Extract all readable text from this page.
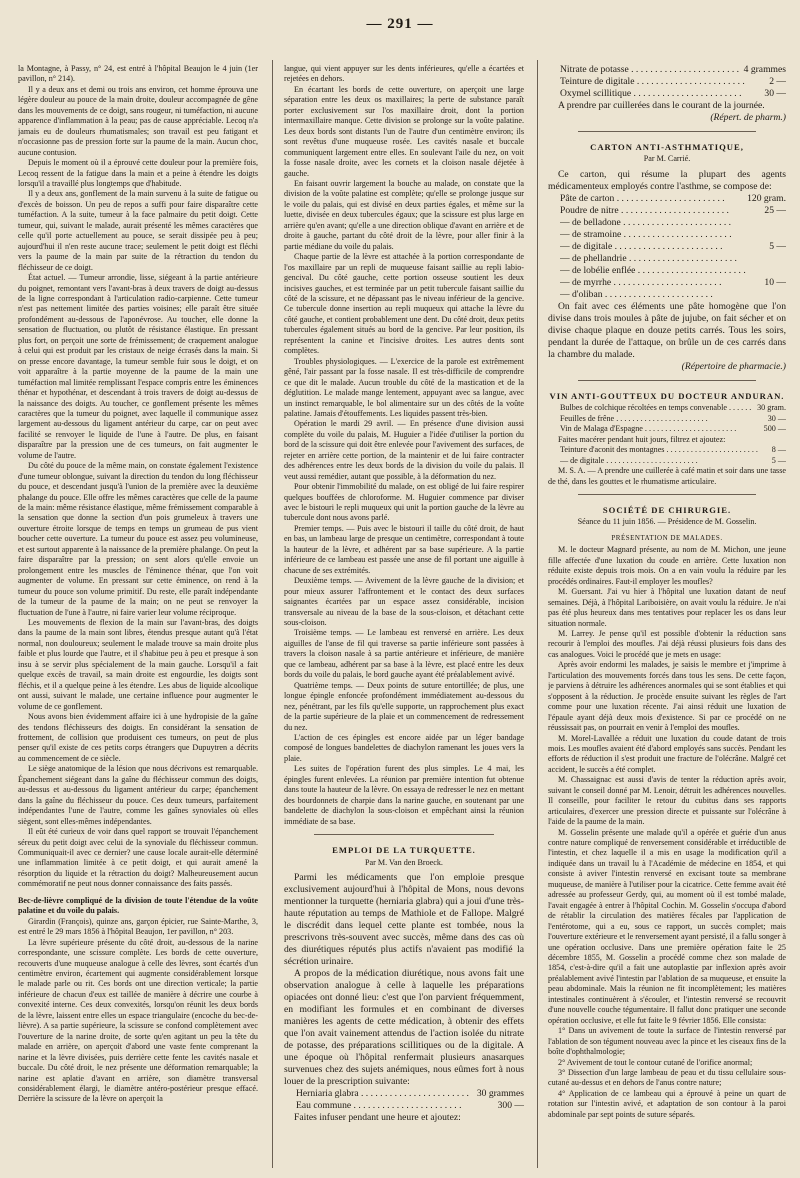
— 291 —

la Montagne, à Passy, n° 24, est entré à l'hôpital Beaujon le 4 juin (1er pavillon, n° 214).

Il y a deux ans et demi ou trois ans environ, cet homme éprouva une légère douleur au pouce de la main droite, douleur accompagnée de gêne dans les mouvements de ce doigt, sans rougeur, ni tuméfaction, ni aucune apparence d'inflammation à la peau; pas de cause appréciable. Lecoq n'a jamais eu de douleurs rhumatismales; son travail est peu fatigant et n'occasionne pas de pression forte sur la paume de la main. Aucun choc, aucune contusion.

Depuis le moment où il a éprouvé cette douleur pour la première fois, Lecoq ressent de la fatigue dans la main et a peine à étendre les doigts lorsqu'il a travaillé plus longtemps que d'habitude.

Il y a deux ans, gonflement de la main survenu à la suite de fatigue ou d'excès de boisson. Un peu de repos a suffi pour faire disparaître cette tuméfaction. A la suite, tumeur à la face palmaire du petit doigt. Cette tumeur, qui, suivant le malade, aurait présenté les mêmes caractères que celle qu'il porte actuellement au pouce, se serait dissipée peu à peu; aujourd'hui il n'en reste aucune trace; seulement le petit doigt est fléchi vers la paume de la main par suite de la rétraction du tendon du fléchisseur de ce doigt.

État actuel. — Tumeur arrondie, lisse, siégeant à la partie antérieure du poignet, remontant vers l'avant-bras à deux travers de doigt au-dessus de la ligne correspondant à l'articulation radio-carpienne. Cette tumeur n'est pas nettement limitée des parties voisines; elle paraît être située profondément au-dessous de l'aponévrose. Au toucher, elle donne la sensation de fluctuation, ou plutôt de résistance élastique. En pressant plus fort, on perçoit une sorte de frémissement; de craquement analogue à celui qui est produit par les cristaux de neige écrasés dans la main. Si on presse encore davantage, la tumeur semble fuir sous le doigt, et on voit apparaître à la partie moyenne de la paume de la main une tuméfaction mal limitée remplissant l'espace compris entre les éminences thénar et hypothénar, et descendant à trois travers de doigt au-dessus de la naissance des doigts. Au toucher, ce gonflement présente les mêmes caractères que la tumeur du poignet, avec laquelle il communique assez largement au-dessous du ligament antérieur du carpe, car on peut avec facilité se renvoyer le liquide de l'une à l'autre. De plus, en faisant disparaître par la pression une de ces tumeurs, on fait augmenter le volume de l'autre.

Du côté du pouce de la même main, on constate également l'existence d'une tumeur oblongue, suivant la direction du tendon du long fléchisseur du pouce, et descendant jusqu'à l'union de la première avec la deuxième phalange du pouce. Elle offre les mêmes caractères que celle de la paume de la main: même résistance élastique, même frémissement comparable à la sensation que donne la section d'un pois grumeleux à travers une ouverture étroite lorsque de temps en temps un grumeau de pus vient boucher cette ouverture. La tumeur du pouce est assez peu volumineuse, et est surtout apparente à la naissance de la première phalange. On peut la faire disparaître par la pression; on sent alors qu'elle envoie un prolongement entre les muscles de l'éminence thénar, que l'on voit augmenter de volume. En pressant sur cette éminence, on rend à la tumeur du pouce son volume primitif. Du reste, elle paraît indépendante de la tumeur de la paume de la main; on ne peut se renvoyer la fluctuation de l'une à l'autre, ni faire varier leur volume réciproque.

Les mouvements de flexion de la main sur l'avant-bras, des doigts dans la paume de la main sont libres, étendus presque autant qu'à l'état normal, non douloureux; seulement le malade trouve sa main droite plus faible et plus lourde que l'autre, et il s'habitue peu à peu et presque à son insu à se servir plus spécialement de la main gauche. Lorsqu'il a fait quelque excès de travail, sa main droite est engourdie, les doigts sont fléchis, et il a quelque peine à les étendre. Les abus de liquide alcoolique ont aussi, suivant le malade, une certaine influence pour augmenter le volume de ce gonflement.

Nous avons bien évidemment affaire ici à une hydropisie de la gaîne des tendons fléchisseurs des doigts. En considérant la sensation de frottement, de collision que produisent ces tumeurs, on peut de plus penser qu'il existe de ces petits corps étrangers que Dupuytren a décrits au commencement de ce siècle.

Le siège anatomique de la lésion que nous décrivons est remarquable. Épanchement siégeant dans la gaîne du fléchisseur commun des doigts, au-dessus et au-dessous du ligament antérieur du carpe; épanchement dans la gaîne du fléchisseur du pouce. Ces deux tumeurs, parfaitement indépendantes l'une de l'autre, comme les gaînes synoviales où elles siègent, sont elles-mêmes indépendantes.

Il eût été curieux de voir dans quel rapport se trouvait l'épanchement séreux du petit doigt avec celui de la synoviale du fléchisseur commun. Communiquait-il avec ce dernier? une cause locale aurait-elle déterminé une inflammation limitée à ce petit doigt, et qui aurait amené la résorption du liquide et la rétraction du doigt? Malheureusement aucun commémoratif ne peut nous donner connaissance des faits passés.

Bec-de-lièvre compliqué de la division de toute l'étendue de la voûte palatine et du voile du palais.

Girardin (François), quinze ans, garçon épicier, rue Sainte-Marthe, 3, est entré le 29 mars 1856 à l'hôpital Beaujon, 1er pavillon, n° 203.

La lèvre supérieure présente du côté droit, au-dessous de la narine correspondante, une scissure complète. Les bords de cette ouverture, recouverts d'une muqueuse analogue à celle des lèvres, sont écartés d'un centimètre environ, écartement qui augmente considérablement lorsque le malade parle ou rit. Ces bords ont une direction verticale; la partie inférieure de chacun d'eux est taillée de manière à décrire une courbe à convexité interne. Ces deux convexités, lorsqu'on réunit les deux bords de la lèvre, laissent entre elles un espace triangulaire (encoche du bec-de-lièvre). A sa partie supérieure, la scissure se confond complètement avec l'ouverture de la narine droite, de sorte qu'en agitant un peu la tête du malade en arrière, on aperçoit d'abord une vaste fente comprenant la narine et la lèvre divisées, puis derrière cette fente les cavités nasale et buccale. Du côté droit, le nez présente une déformation remarquable; la narine est aplatie d'avant en arrière, son diamètre transversal considérablement élargi, le diamètre antéro-postérieur presque effacé. Derrière la scissure de la lèvre on aperçoit la

langue, qui vient appuyer sur les dents inférieures, qu'elle a écartées et rejetées en dehors.

En écartant les bords de cette ouverture, on aperçoit une large séparation entre les deux os maxillaires; la perte de substance paraît porter exclusivement sur l'os maxillaire droit, dont la portion intermaxillaire manque. Cette division se prolonge sur la voûte palatine. Les deux bords sont distants l'un de l'autre d'un centimètre environ; ils sont revêtus d'une muqueuse rosée. Les cavités nasale et buccale communiquent largement entre elles. En soulevant l'aile du nez, on voit la fosse nasale droite, avec les cornets et la cloison nasale déjetée à gauche.

En faisant ouvrir largement la bouche au malade, on constate que la division de la voûte palatine est complète; qu'elle se prolonge jusque sur le voile du palais, qui est divisé en deux parties égales, et même sur la luette, divisée en deux tubercules égaux; que la scissure est plus large en arrière qu'en avant; qu'elle a une direction oblique d'avant en arrière et de droite à gauche, partant du côté droit de la lèvre, pour aller finir à la partie médiane du voile du palais.

Chaque partie de la lèvre est attachée à la portion correspondante de l'os maxillaire par un repli de muqueuse faisant saillie au repli labio-gencival. Du côté gauche, cette portion osseuse soutient les deux incisives gauches, et est terminée par un petit tubercule faisant saillie du côté de la scissure, et ne dépassant pas le niveau inférieur de la gencive. Ce tubercule donne insertion au repli muqueux qui attache la lèvre du côté gauche, et contient probablement une dent. Du côté droit, deux petits tubercules également situés au bord de la gencive. Par leur position, ils représentent la canine et l'incisive droites. Les autres dents sont complètes.

Troubles physiologiques. — L'exercice de la parole est extrêmement gêné, l'air passant par la fosse nasale. Il est très-difficile de comprendre ce que dit le malade. Aucun trouble du côté de la mastication et de la déglutition. Le malade mange lentement, appuyant avec sa langue, avec un instinct remarquable, le bol alimentaire sur un des côtés de la voûte palatine. Jamais d'étouffements. Les liquides passent très-bien.

Opération le mardi 29 avril. — En présence d'une division aussi complète du voile du palais, M. Huguier a l'idée d'utiliser la portion du bord de la scissure qui doit être enlevée pour l'avivement des surfaces, de rejeter en arrière cette portion, de la maintenir et de lui faire contracter des adhérences entre les deux bords de la division du voile du palais. Il veut aussi remédier, autant que possible, à la déformation du nez.

Pour obtenir l'immobilité du malade, on est obligé de lui faire respirer quelques bouffées de chloroforme. M. Huguier commence par diviser avec le bistouri le repli muqueux qui unit la portion gauche de la lèvre au tubercule dont nous avons parlé.

Premier temps. — Puis avec le bistouri il taille du côté droit, de haut en bas, un lambeau large de presque un centimètre, correspondant à toute la hauteur de la lèvre, et adhérent par sa base supérieure. A la partie inférieure de ce lambeau est passée une anse de fil portant une aiguille à chacune de ses extrémités.

Deuxième temps. — Avivement de la lèvre gauche de la division; et pour mieux assurer l'affrontement et le contact des deux surfaces saignantes écartées par un espace assez considérable, incision transversale au niveau de la base de la sous-cloison, et détachant cette sous-cloison.

Troisième temps. — Le lambeau est renversé en arrière. Les deux aiguilles de l'anse de fil qui traverse sa partie inférieure sont passées à travers la cloison nasale à sa partie antérieure et inférieure, de manière que ce lambeau, adhérent par sa base à la lèvre, est placé entre les deux bords du voile du palais, le bord gauche ayant été préalablement avivé.

Quatrième temps. — Deux points de suture entortillée; de plus, une longue épingle enfoncée profondément immédiatement au-dessous du nez, pénétrant, par les fils qu'elle supporte, un rapprochement plus exact de la partie supérieure de la plaie et un commencement de redressement du nez.

L'action de ces épingles est encore aidée par un léger bandage composé de longues bandelettes de diachylon ramenant les joues vers la plaie.

Les suites de l'opération furent des plus simples. Le 4 mai, les épingles furent enlevées. La réunion par première intention fut obtenue dans toute la hauteur de la lèvre. On essaya de redresser le nez en mettant des bourdonnets de charpie dans la narine gauche, en soutenant par une bandelette de diachylon la sous-cloison et empêchant ainsi la réunion immédiate de sa base.

EMPLOI DE LA TURQUETTE.

Par M. Van den Broeck.

Parmi les médicaments que l'on emploie presque exclusivement aujourd'hui à l'hôpital de Mons, nous devons mentionner la turquette (herniaria glabra) qui a joui d'une très-haute réputation au temps de Mathiole et de Fallope. Malgré le discrédit dans lequel cette plante est tombée, nous la prescrivons très-souvent avec succès, même dans des cas où des diurétiques réputés plus actifs n'avaient pas modifié la sécrétion urinaire.

A propos de la médication diurétique, nous avons fait une observation analogue à celle à laquelle les préparations opiacées ont donné lieu: c'est que l'on parvient fréquemment, en modifiant les formules et en combinant de diverses manières les agents de cette médication, à obtenir des effets que l'on avait vainement attendus de l'action isolée du nitrate de potasse, des préparations scillitiques ou de la digitale. A une époque où l'hôpital renfermait plusieurs anasarques survenues chez des sujets anémiques, nous eûmes fort à nous louer de la prescription suivante:

Herniaria glabra . . .	30 grammes
Eau commune . . .	300 —

Faites infuser pendant une heure et ajoutez:

Nitrate de potasse . . .	4 grammes
Teinture de digitale . . .	2 —
Oxymel scillitique . . .	30 —

A prendre par cuillerées dans le courant de la journée.

(Répert. de pharm.)

CARTON ANTI-ASTHMATIQUE,

Par M. Carrié.

Ce carton, qui résume la plupart des agents médicamenteux employés contre l'asthme, se compose de:

Pâte de carton . . .	120 gram.
Poudre de nitre . . .	25 —
— de belladone . . .
— de stramoine . . .
— de digitale . . .	5 —
— de phellandrie . . .
— de lobélie enflée . . .
— de myrrhe . . .	10 —
— d'oliban . . .

On fait avec ces éléments une pâte homogène que l'on divise dans trois moules à pâte de jujube, on fait sécher et on divise chaque plaque en douze petits carrés. Tous les soirs, pendant la durée de l'attaque, on brûle un de ces carrés dans la chambre du malade.

(Répertoire de pharmacie.)

VIN ANTI-GOUTTEUX DU DOCTEUR ANDURAN.

Bulbes de colchique récoltées en temps convenable . . .	30 gram.
Feuilles de frêne . . .	30 —
Vin de Malaga d'Espagne . . .	500 —

Faites macérer pendant huit jours, filtrez et ajoutez:

Teinture d'aconit des montagnes . . .	8 —
— de digitale . . .	5 —

M. S. A. — A prendre une cuillerée à café matin et soir dans une tasse de thé, dans les gouttes et le rhumatisme articulaire.

SOCIÉTÉ DE CHIRURGIE.

Séance du 11 juin 1856. — Présidence de M. Gosselin.

PRÉSENTATION DE MALADES.

M. le docteur Magnard présente, au nom de M. Michon, une jeune fille affectée d'une luxation du coude en arrière. Cette luxation non réduite existe depuis trois mois. On a en vain voulu la réduire par les procédés ordinaires. Faut-il employer les moufles?

M. Guersant. J'ai vu hier à l'hôpital une luxation datant de neuf semaines. Déjà, à l'hôpital Lariboisière, on avait voulu la réduire. Je n'ai pas été plus heureux dans mes tentatives pour replacer les os dans leur situation normale.

M. Larrey. Je pense qu'il est possible d'obtenir la réduction sans recourir à l'emploi des moufles. J'ai déjà réussi plusieurs fois dans des cas analogues. Voici le procédé que je mets en usage:

Après avoir endormi les malades, je saisis le membre et j'imprime à l'articulation des mouvements forcés dans tous les sens. De cette façon, je parviens à détruire les adhérences anormales qui se sont établies et qui s'opposent à la réduction. Je procède ensuite suivant les règles de l'art comme pour une luxation récente. J'ai ainsi réduit une luxation de l'épaule ayant déjà deux mois d'existence. Si par ce procédé on ne réussissait pas, on pourrait en venir à l'emploi des moufles.

M. Morel-Lavallée a réduit une luxation du coude datant de trois mois. Les moufles avaient été d'abord employés sans succès. Pendant les efforts de réduction il s'est produit une fracture de l'olécrâne. Malgré cet accident, le succès a été complet.

M. Chassaignac est aussi d'avis de tenter la réduction après avoir, suivant le conseil donné par M. Lenoir, détruit les adhérences nouvelles. Il conseille, pour faciliter le retour du cubitus dans ses rapports articulaires, d'exercer une pression directe et puissante sur l'olécrâne à l'aide de la paume de la main.

M. Gosselin présente une malade qu'il a opérée et guérie d'un anus contre nature compliqué de renversement considérable et irréductible de l'intestin, et chez laquelle il a mis en usage la modification qu'il a indiquée dans un travail lu à l'Académie de médecine en 1854, et qui consiste à aviver l'intestin renversé en excisant toute sa membrane muqueuse, de manière à l'utiliser pour la cicatrice. Cette femme avait été adressée au professeur Gerdy, qui, au moment où il est tombé malade, l'avait engagée à entrer à l'hôpital Cochin. M. Gosselin s'occupa d'abord de rétablir la circulation des matières fécales par l'application de l'entérotome, qui a eu, sous ce rapport, un succès complet; mais l'ouverture extérieure et le renversement ayant persisté, il a fallu songer à une opération occlusive. Dans une première opération faite le 25 décembre 1855, M. Gosselin a procédé comme chez son malade de 1854, c'est-à-dire qu'il a fait une autoplastie par inflexion après avoir préalablement avivé l'intestin par l'ablation de sa muqueuse, et ensuite la peau abdominale. Mais la réunion ne fit incomplètement; les matières intestinales continuèrent à s'écouler, et l'intestin renversé se recouvrit d'une nouvelle couche tégumentaire. Il fallut donc pratiquer une seconde opération occlusive, et elle fut faite le 9 février 1856. Elle consista:

1° Dans un avivement de toute la surface de l'intestin renversé par l'ablation de son tégument nouveau avec la pince et les ciseaux fins de la boîte d'ophthalmologie;

2° Avivement de tout le contour cutané de l'orifice anormal;

3° Dissection d'un large lambeau de peau et du tissu cellulaire sous-cutané au-dessus et en dehors de l'anus contre nature;

4° Application de ce lambeau qui a éprouvé à peine un quart de rotation sur l'intestin avivé, et adaptation de son contour à la paroi abdominale par sept points de suture séparés.
